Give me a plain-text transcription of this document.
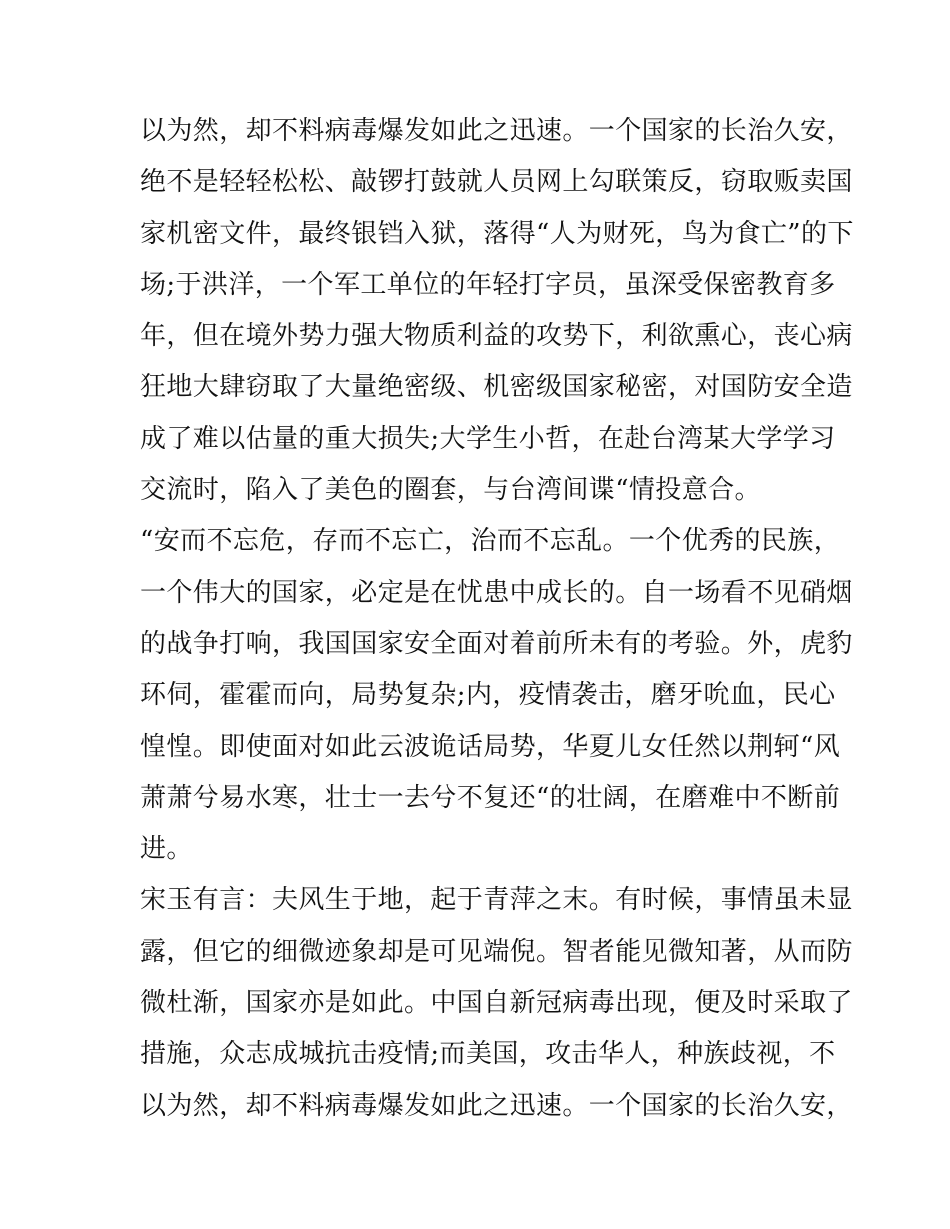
以为然，却不料病毒爆发如此之迅速。一个国家的长治久安，
绝不是轻轻松松、敲锣打鼓就人员网上勾联策反，窃取贩卖国
家机密文件，最终银铛入狱，落得“人为财死，鸟为食亡”的下
场;于洪洋，一个军工单位的年轻打字员，虽深受保密教育多
年，但在境外势力强大物质利益的攻势下，利欲熏心，丧心病
狂地大肆窃取了大量绝密级、机密级国家秘密，对国防安全造
成了难以估量的重大损失;大学生小哲，在赴台湾某大学学习
交流时，陷入了美色的圈套，与台湾间谍“情投意合。
“安而不忘危，存而不忘亡，治而不忘乱。一个优秀的民族，
一个伟大的国家，必定是在忧患中成长的。自一场看不见硝烟
的战争打响，我国国家安全面对着前所未有的考验。外，虎豹
环伺，霍霍而向，局势复杂;内，疫情袭击，磨牙吮血，民心
惶惶。即使面对如此云波诡话局势，华夏儿女任然以荆轲“风
萧萧兮易水寒，壮士一去兮不复还“的壮阔，在磨难中不断前
进。
宋玉有言：夫风生于地，起于青萍之末。有时候，事情虽未显
露，但它的细微迹象却是可见端倪。智者能见微知著，从而防
微杜渐，国家亦是如此。中国自新冠病毒出现，便及时采取了
措施，众志成城抗击疫情;而美国，攻击华人，种族歧视，不
以为然，却不料病毒爆发如此之迅速。一个国家的长治久安，
